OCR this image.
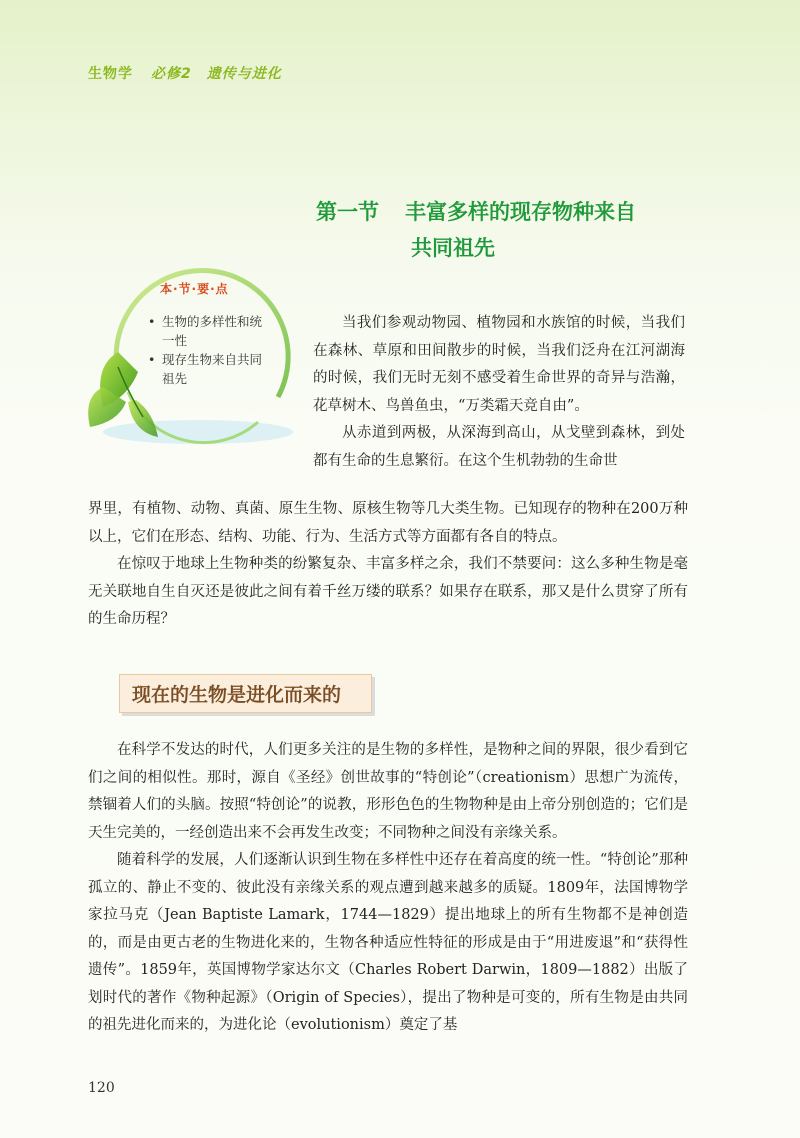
生物学 必修2　遗传与进化
第一节 丰富多样的现存物种来自
共同祖先
本·节·要·点
• 生物的多样性和统一性
• 现存生物来自共同祖先

当我们参观动物园、植物园和水族馆的时候，当我们在森林、草原和田间散步的时候，当我们泛舟在江河湖海的时候，我们无时无刻不感受着生命世界的奇异与浩瀚，花草树木、鸟兽鱼虫，“万类霜天竞自由”。

从赤道到两极，从深海到高山，从戈壁到森林，到处都有生命的生息繁衍。在这个生机勃勃的生命世

界里，有植物、动物、真菌、原生生物、原核生物等几大类生物。已知现存的物种在200万种以上，它们在形态、结构、功能、行为、生活方式等方面都有各自的特点。

在惊叹于地球上生物种类的纷繁复杂、丰富多样之余，我们不禁要问：这么多种生物是毫无关联地自生自灭还是彼此之间有着千丝万缕的联系？如果存在联系，那又是什么贯穿了所有的生命历程？

现在的生物是进化而来的

在科学不发达的时代，人们更多关注的是生物的多样性，是物种之间的界限，很少看到它们之间的相似性。那时，源自《圣经》创世故事的“特创论”（creationism）思想广为流传，禁锢着人们的头脑。按照“特创论”的说教，形形色色的生物物种是由上帝分别创造的；它们是天生完美的，一经创造出来不会再发生改变；不同物种之间没有亲缘关系。

随着科学的发展，人们逐渐认识到生物在多样性中还存在着高度的统一性。“特创论”那种孤立的、静止不变的、彼此没有亲缘关系的观点遭到越来越多的质疑。1809年，法国博物学家拉马克（Jean Baptiste Lamark，1744—1829）提出地球上的所有生物都不是神创造的，而是由更古老的生物进化来的，生物各种适应性特征的形成是由于“用进废退”和“获得性遗传”。1859年，英国博物学家达尔文（Charles Robert Darwin，1809—1882）出版了划时代的著作《物种起源》（Origin of Species），提出了物种是可变的，所有生物是由共同的祖先进化而来的，为进化论（evolutionism）奠定了基

120
